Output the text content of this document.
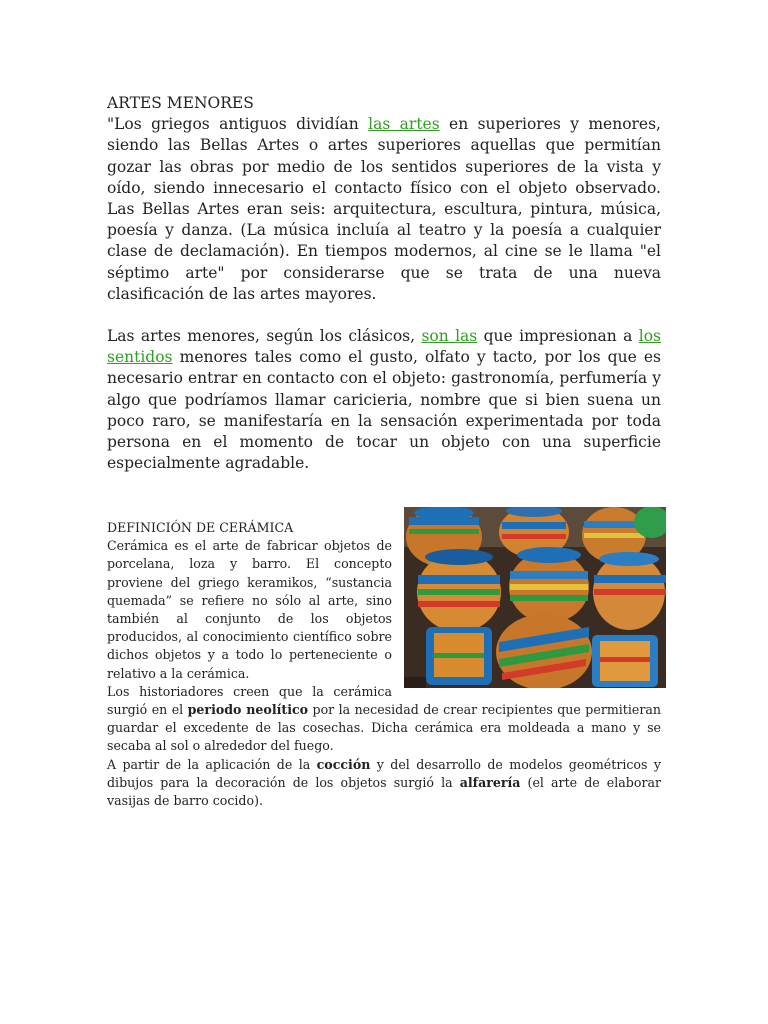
ARTES MENORES

"Los griegos antiguos dividían las artes en superiores y menores, siendo las Bellas Artes o artes superiores aquellas que permitían gozar las obras por medio de los sentidos superiores de la vista y oído, siendo innecesario el contacto físico con el objeto observado. Las Bellas Artes eran seis: arquitectura, escultura, pintura, música, poesía y danza. (La música incluía al teatro y la poesía a cualquier clase de declamación). En tiempos modernos, al cine se le llama "el séptimo arte" por considerarse que se trata de una nueva clasificación de las artes mayores.

Las artes menores, según los clásicos, son las que impresionan a los sentidos menores tales como el gusto, olfato y tacto, por los que es necesario entrar en contacto con el objeto: gastronomía, perfumería y algo que podríamos llamar caricieria, nombre que si bien suena un poco raro, se manifestaría en la sensación experimentada por toda persona en el momento de tocar un objeto con una superficie especialmente agradable.

DEFINICIÓN DE CERÁMICA

Cerámica es el arte de fabricar objetos de porcelana, loza y barro. El concepto proviene del griego keramikos, “sustancia quemada” se refiere no sólo al arte, sino también al conjunto de los objetos producidos, al conocimiento científico sobre dichos objetos y a todo lo perteneciente o relativo a la cerámica.

Los historiadores creen que la cerámica surgió en el periodo neolítico por la necesidad de crear recipientes que permitieran guardar el excedente de las cosechas. Dicha cerámica era moldeada a mano y se secaba al sol o alrededor del fuego.

A partir de la aplicación de la cocción y del desarrollo de modelos geométricos y dibujos para la decoración de los objetos surgió la alfarería (el arte de elaborar vasijas de barro cocido).
